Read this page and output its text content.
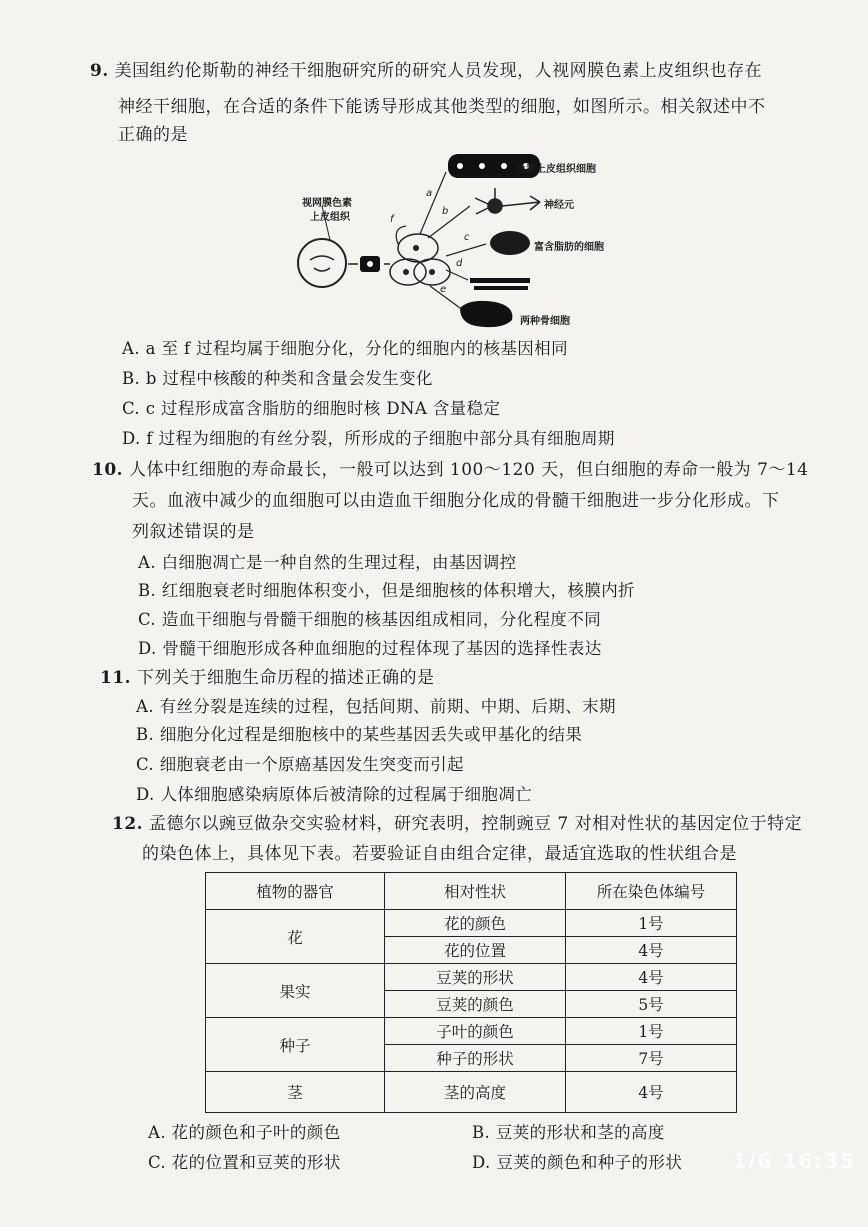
9. 美国组约伦斯勒的神经干细胞研究所的研究人员发现，人视网膜色素上皮组织也存在
神经干细胞，在合适的条件下能诱导形成其他类型的细胞，如图所示。相关叙述中不
正确的是
视网膜色素
上皮组织
色素上皮组织细胞
神经元
富含脂肪的细胞
两种骨细胞
a
b
c
d
e
f
A. a 至 f 过程均属于细胞分化，分化的细胞内的核基因相同
B. b 过程中核酸的种类和含量会发生变化
C. c 过程形成富含脂肪的细胞时核 DNA 含量稳定
D. f 过程为细胞的有丝分裂，所形成的子细胞中部分具有细胞周期
10. 人体中红细胞的寿命最长，一般可以达到 100～120 天，但白细胞的寿命一般为 7～14
天。血液中减少的血细胞可以由造血干细胞分化成的骨髓干细胞进一步分化形成。下
列叙述错误的是
A. 白细胞凋亡是一种自然的生理过程，由基因调控
B. 红细胞衰老时细胞体积变小，但是细胞核的体积增大，核膜内折
C. 造血干细胞与骨髓干细胞的核基因组成相同，分化程度不同
D. 骨髓干细胞形成各种血细胞的过程体现了基因的选择性表达
11. 下列关于细胞生命历程的描述正确的是
A. 有丝分裂是连续的过程，包括间期、前期、中期、后期、末期
B. 细胞分化过程是细胞核中的某些基因丢失或甲基化的结果
C. 细胞衰老由一个原癌基因发生突变而引起
D. 人体细胞感染病原体后被清除的过程属于细胞凋亡
12. 孟德尔以豌豆做杂交实验材料，研究表明，控制豌豆 7 对相对性状的基因定位于特定
的染色体上，具体见下表。若要验证自由组合定律，最适宜选取的性状组合是
植物的器官	相对性状	所在染色体编号
花	花的颜色	1号
	花的位置	4号
果实	豆荚的形状	4号
	豆荚的颜色	5号
种子	子叶的颜色	1号
	种子的形状	7号
茎	茎的高度	4号
A. 花的颜色和子叶的颜色	B. 豆荚的形状和茎的高度
C. 花的位置和豆荚的形状	D. 豆荚的颜色和种子的形状	1/6 16:35
